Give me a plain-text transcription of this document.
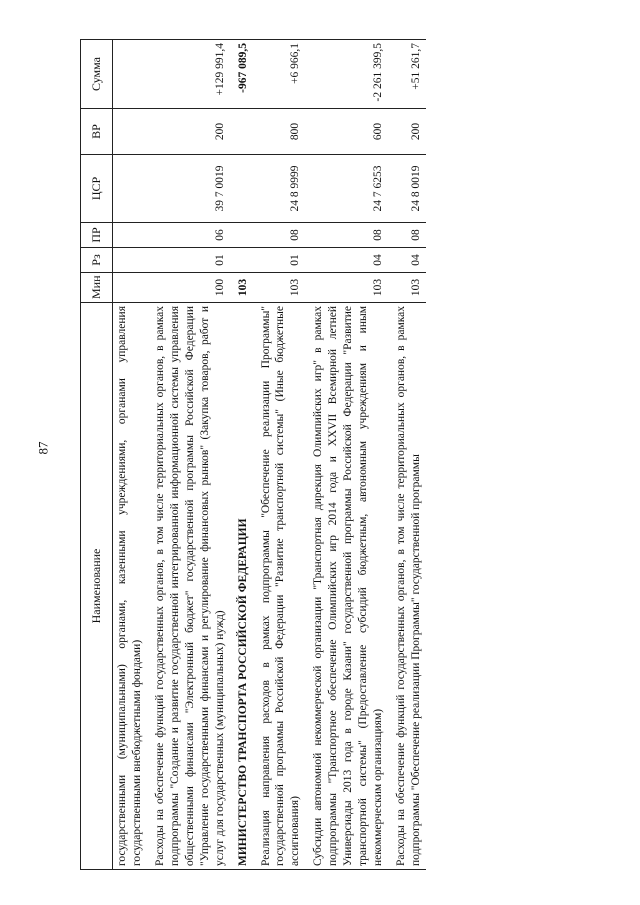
87
Наименование	Мин	Рз	ПР	ЦСР	ВР	Сумма
государственными (муниципальными) органами, казенными учреждениями, органами управления государственными внебюджетными фондами)						

Расходы на обеспечение функций государственных органов, в том числе территориальных органов, в рамках подпрограммы "Создание и развитие государственной интегрированной информационной системы управления общественными финансами "Электронный бюджет" государственной программы Российской Федерации "Управление государственными финансами и регулирование финансовых рынков" (Закупка товаров, работ и услуг для государственных (муниципальных) нужд)	100	01	06	39 7 0019	200	+129 991,4

МИНИСТЕРСТВО ТРАНСПОРТА РОССИЙСКОЙ ФЕДЕРАЦИИ	103					-967 089,5

Реализация направления расходов в рамках подпрограммы "Обеспечение реализации Программы" государственной программы Российской Федерации "Развитие транспортной системы" (Иные бюджетные ассигнования)	103	01	08	24 8 9999	800	+6 966,1

Субсидии автономной некоммерческой организации "Транспортная дирекция Олимпийских игр" в рамках подпрограммы "Транспортное обеспечение Олимпийских игр 2014 года и XXVII Всемирной летней Универсиады 2013 года в городе Казани" государственной программы Российской Федерации "Развитие транспортной системы" (Предоставление субсидий бюджетным, автономным учреждениям и иным некоммерческим организациям)	103	04	08	24 7 6253	600	-2 261 399,5

Расходы на обеспечение функций государственных органов, в том числе территориальных органов, в рамках подпрограммы "Обеспечение реализации Программы" государственной программы	103	04	08	24 8 0019	200	+51 261,7
